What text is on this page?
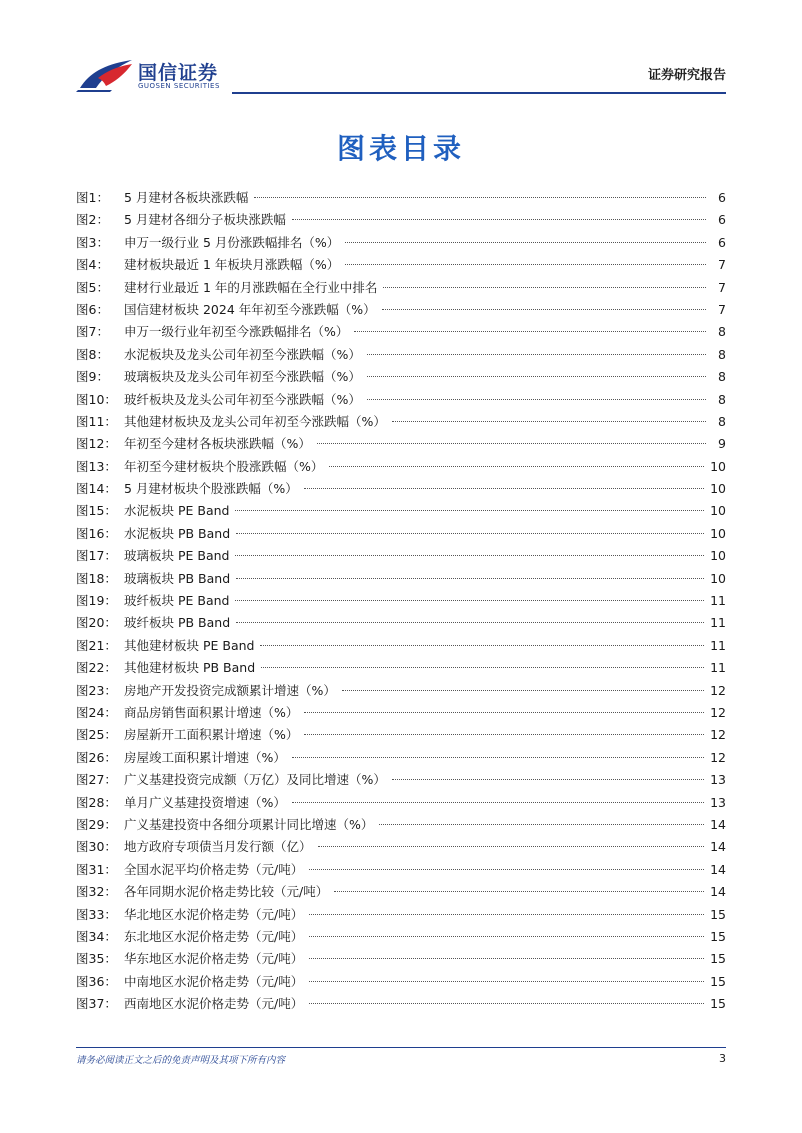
国信证券
GUOSEN SECURITIES
证券研究报告
图表目录
图1：	5 月建材各板块涨跌幅	6
图2：	5 月建材各细分子板块涨跌幅	6
图3：	申万一级行业 5 月份涨跌幅排名（%）	6
图4：	建材板块最近 1 年板块月涨跌幅（%）	7
图5：	建材行业最近 1 年的月涨跌幅在全行业中排名	7
图6：	国信建材板块 2024 年年初至今涨跌幅（%）	7
图7：	申万一级行业年初至今涨跌幅排名（%）	8
图8：	水泥板块及龙头公司年初至今涨跌幅（%）	8
图9：	玻璃板块及龙头公司年初至今涨跌幅（%）	8
图10： 玻纤板块及龙头公司年初至今涨跌幅（%）	8
图11： 其他建材板块及龙头公司年初至今涨跌幅（%）	8
图12： 年初至今建材各板块涨跌幅（%）	9
图13： 年初至今建材板块个股涨跌幅（%）	10
图14： 5 月建材板块个股涨跌幅（%）	10
图15： 水泥板块 PE Band	10
图16： 水泥板块 PB Band	10
图17： 玻璃板块 PE Band	10
图18： 玻璃板块 PB Band	10
图19： 玻纤板块 PE Band	11
图20： 玻纤板块 PB Band	11
图21： 其他建材板块 PE Band	11
图22： 其他建材板块 PB Band	11
图23： 房地产开发投资完成额累计增速（%）	12
图24： 商品房销售面积累计增速（%）	12
图25： 房屋新开工面积累计增速（%）	12
图26： 房屋竣工面积累计增速（%）	12
图27： 广义基建投资完成额（万亿）及同比增速（%）	13
图28： 单月广义基建投资增速（%）	13
图29： 广义基建投资中各细分项累计同比增速（%）	14
图30： 地方政府专项债当月发行额（亿）	14
图31： 全国水泥平均价格走势（元/吨）	14
图32： 各年同期水泥价格走势比较（元/吨）	14
图33： 华北地区水泥价格走势（元/吨）	15
图34： 东北地区水泥价格走势（元/吨）	15
图35： 华东地区水泥价格走势（元/吨）	15
图36： 中南地区水泥价格走势（元/吨）	15
图37： 西南地区水泥价格走势（元/吨）	15
请务必阅读正文之后的免责声明及其项下所有内容	3
